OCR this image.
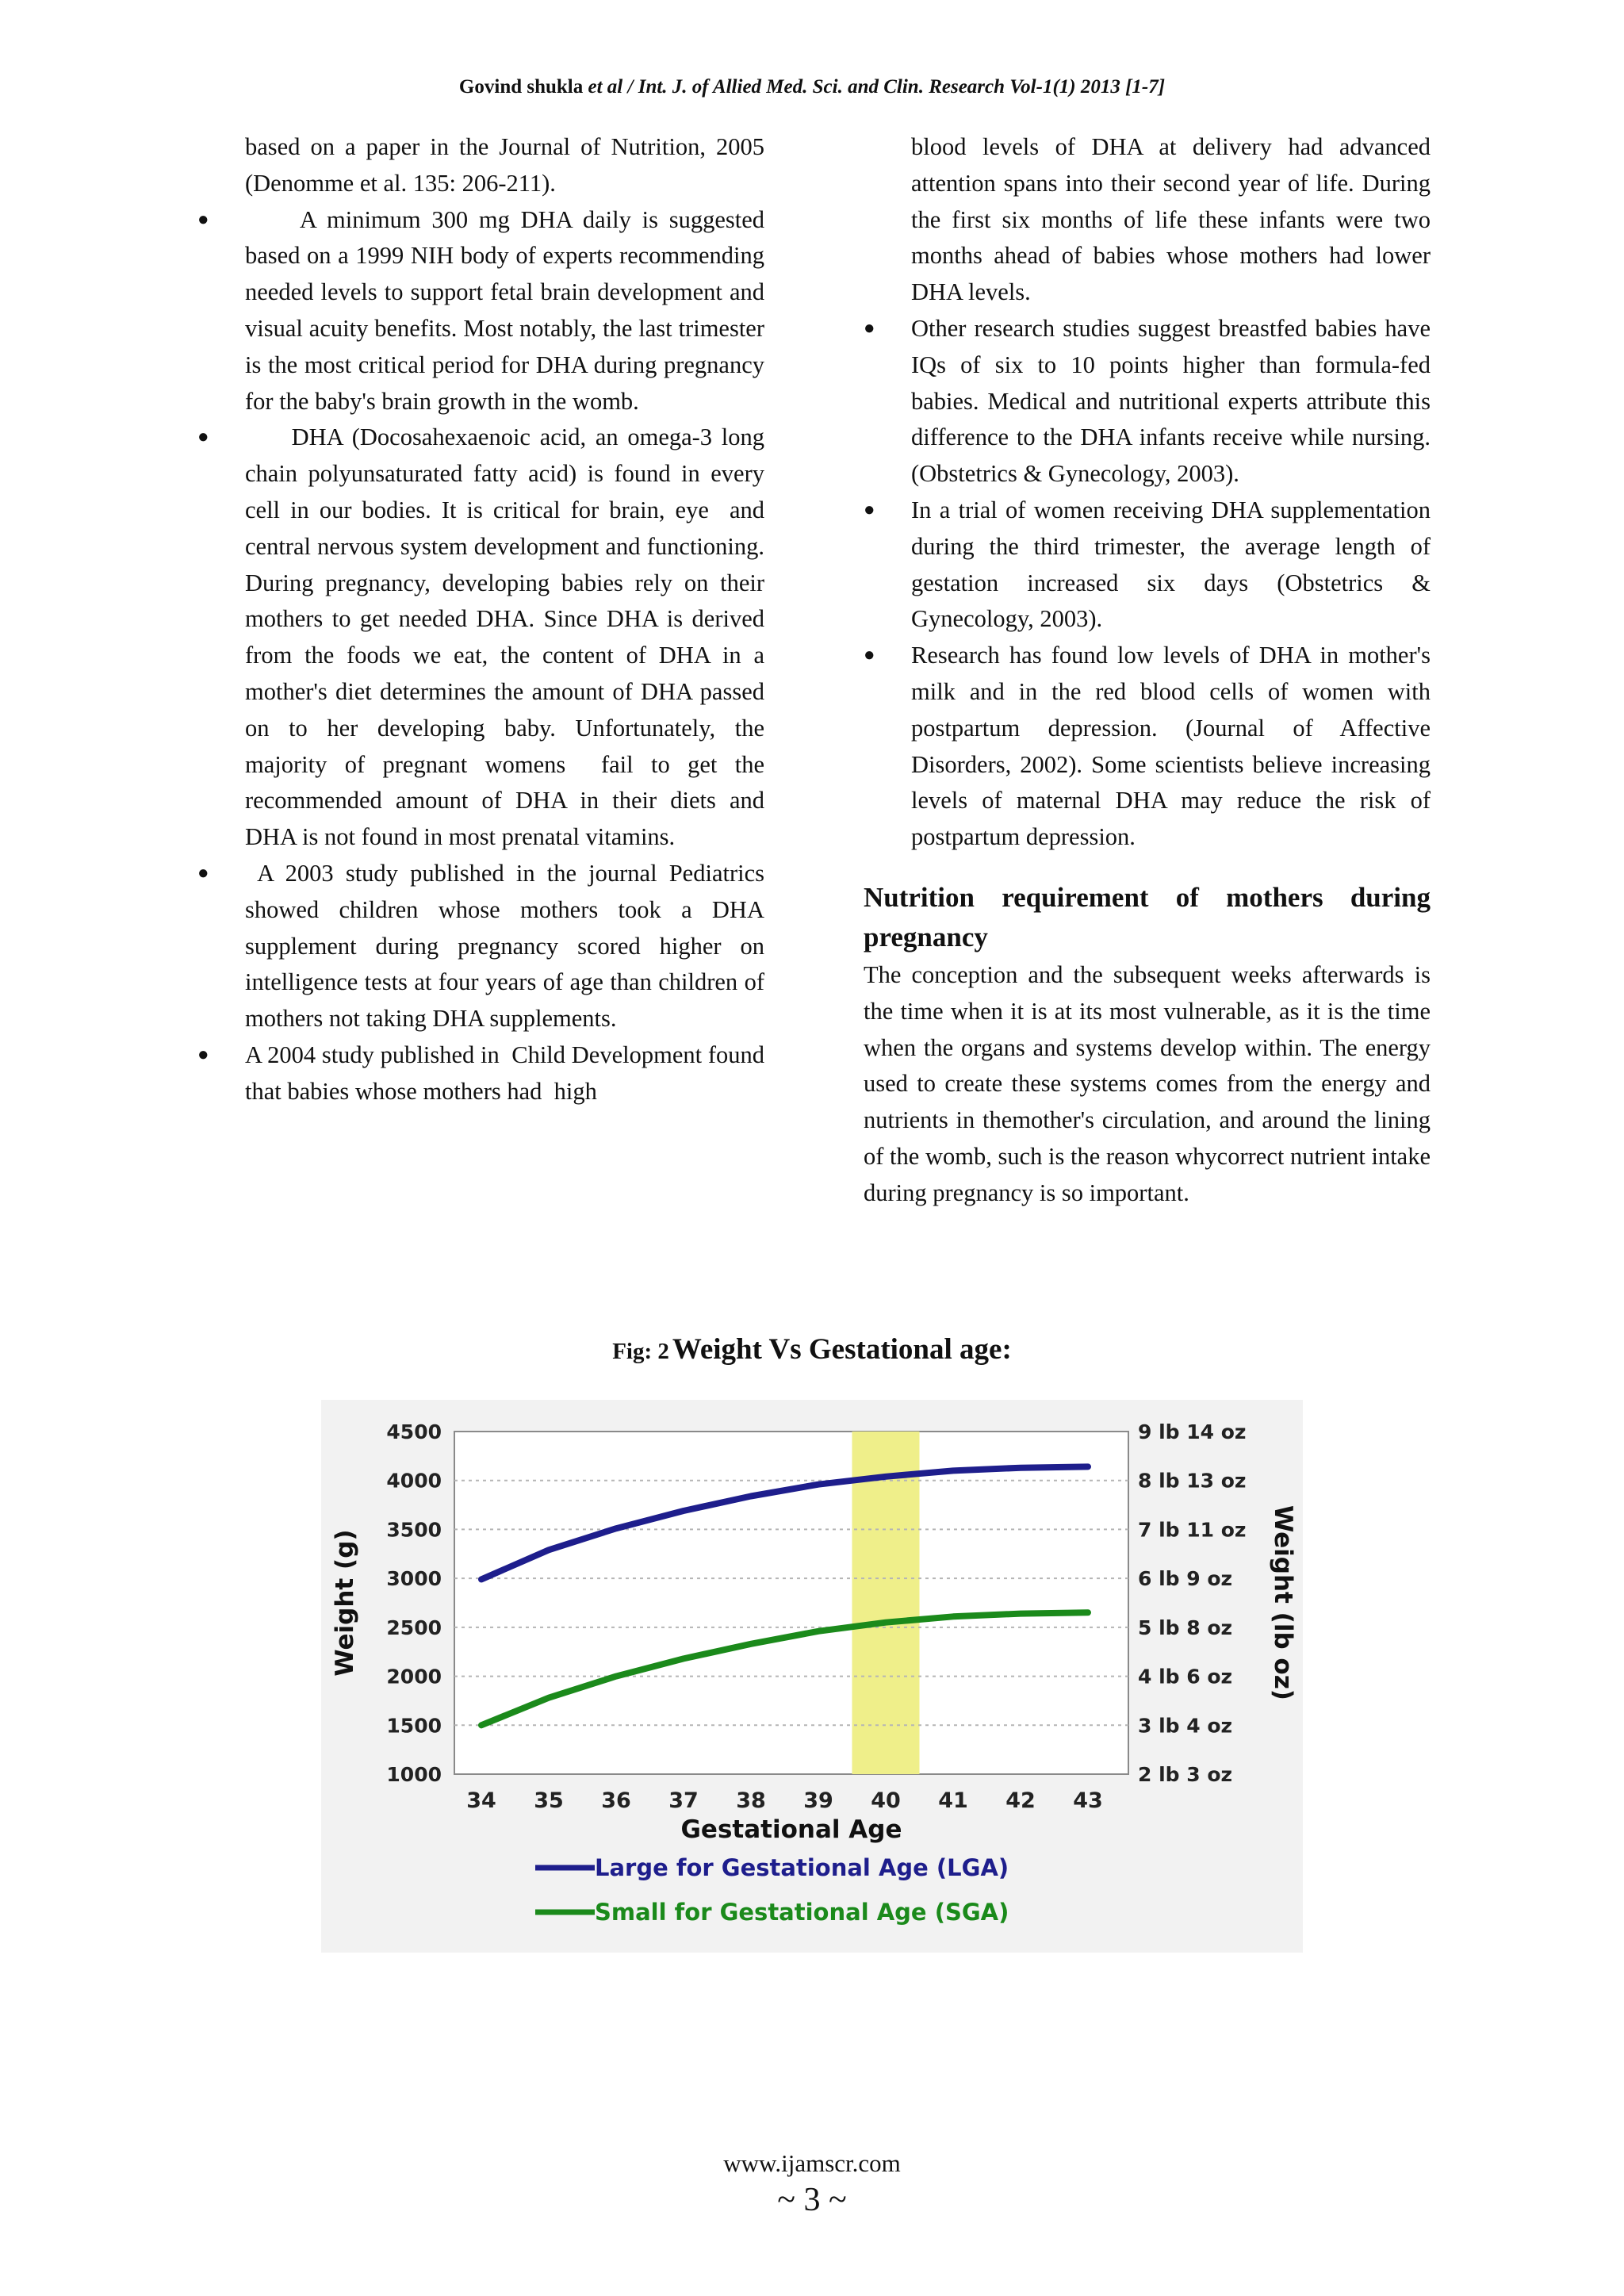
Govind shukla et al / Int. J. of Allied Med. Sci. and Clin. Research Vol-1(1) 2013 [1-7]

based on a paper in the Journal of Nutrition, 2005 (Denomme et al. 135: 206-211).

● A minimum 300 mg DHA daily is suggested based on a 1999 NIH body of experts recommending needed levels to support fetal brain development and visual acuity benefits. Most notably, the last trimester is the most critical period for DHA during pregnancy for the baby's brain growth in the womb.
● DHA (Docosahexaenoic acid, an omega-3 long chain polyunsaturated fatty acid) is found in every cell in our bodies. It is critical for brain, eye  and central nervous system development and functioning. During pregnancy, developing babies rely on their mothers to get needed DHA. Since DHA is derived from the foods we eat, the content of DHA in a mother's diet determines the amount of DHA passed on to her developing baby. Unfortunately, the majority of pregnant womens  fail to get the recommended amount of DHA in their diets and DHA is not found in most prenatal vitamins.
● A 2003 study published in the journal Pediatrics  showed children whose mothers took a DHA supplement during pregnancy scored higher on intelligence tests at four years of age than children of mothers not taking DHA supplements.
● A 2004 study published in  Child Development found that babies whose mothers had  high

blood levels of DHA at delivery had advanced attention spans into their second year of life. During the first six months of life these infants were two months ahead of babies whose mothers had lower DHA levels.

● Other research studies suggest breastfed babies have IQs of six to 10 points higher than formula-fed babies. Medical and nutritional experts attribute this difference to the DHA infants receive while nursing. (Obstetrics & Gynecology, 2003).
● In a trial of women receiving DHA supplementation during the third trimester, the average length of gestation increased six days (Obstetrics & Gynecology, 2003).
● Research has found low levels of DHA in mother's milk and in the red blood cells of women with postpartum depression. (Journal of Affective Disorders, 2002). Some scientists believe increasing levels of maternal DHA may reduce the risk of postpartum depression.
Nutrition requirement of mothers during pregnancy

The conception and the subsequent weeks afterwards is the time when it is at its most vulnerable, as it is the time when the organs and systems develop within. The energy used to create these systems comes from the energy and nutrients in themother's circulation, and around the lining of the womb, such is the reason whycorrect nutrient intake during pregnancy is so important.

Fig: 2 Weight Vs Gestational age:
1000	2 lb 3 oz
1500	3 lb 4 oz
2000	4 lb 6 oz
2500	5 lb 8 oz
3000	6 lb 9 oz
3500	7 lb 11 oz
4000	8 lb 13 oz
4500	9 lb 14 oz
34 35 36 37 38 39 40 41 42 43
Gestational Age
Weight (g)	Weight (lb oz)
Large for Gestational Age (LGA)
Small for Gestational Age (SGA)
www.ijamscr.com
~ 3 ~
